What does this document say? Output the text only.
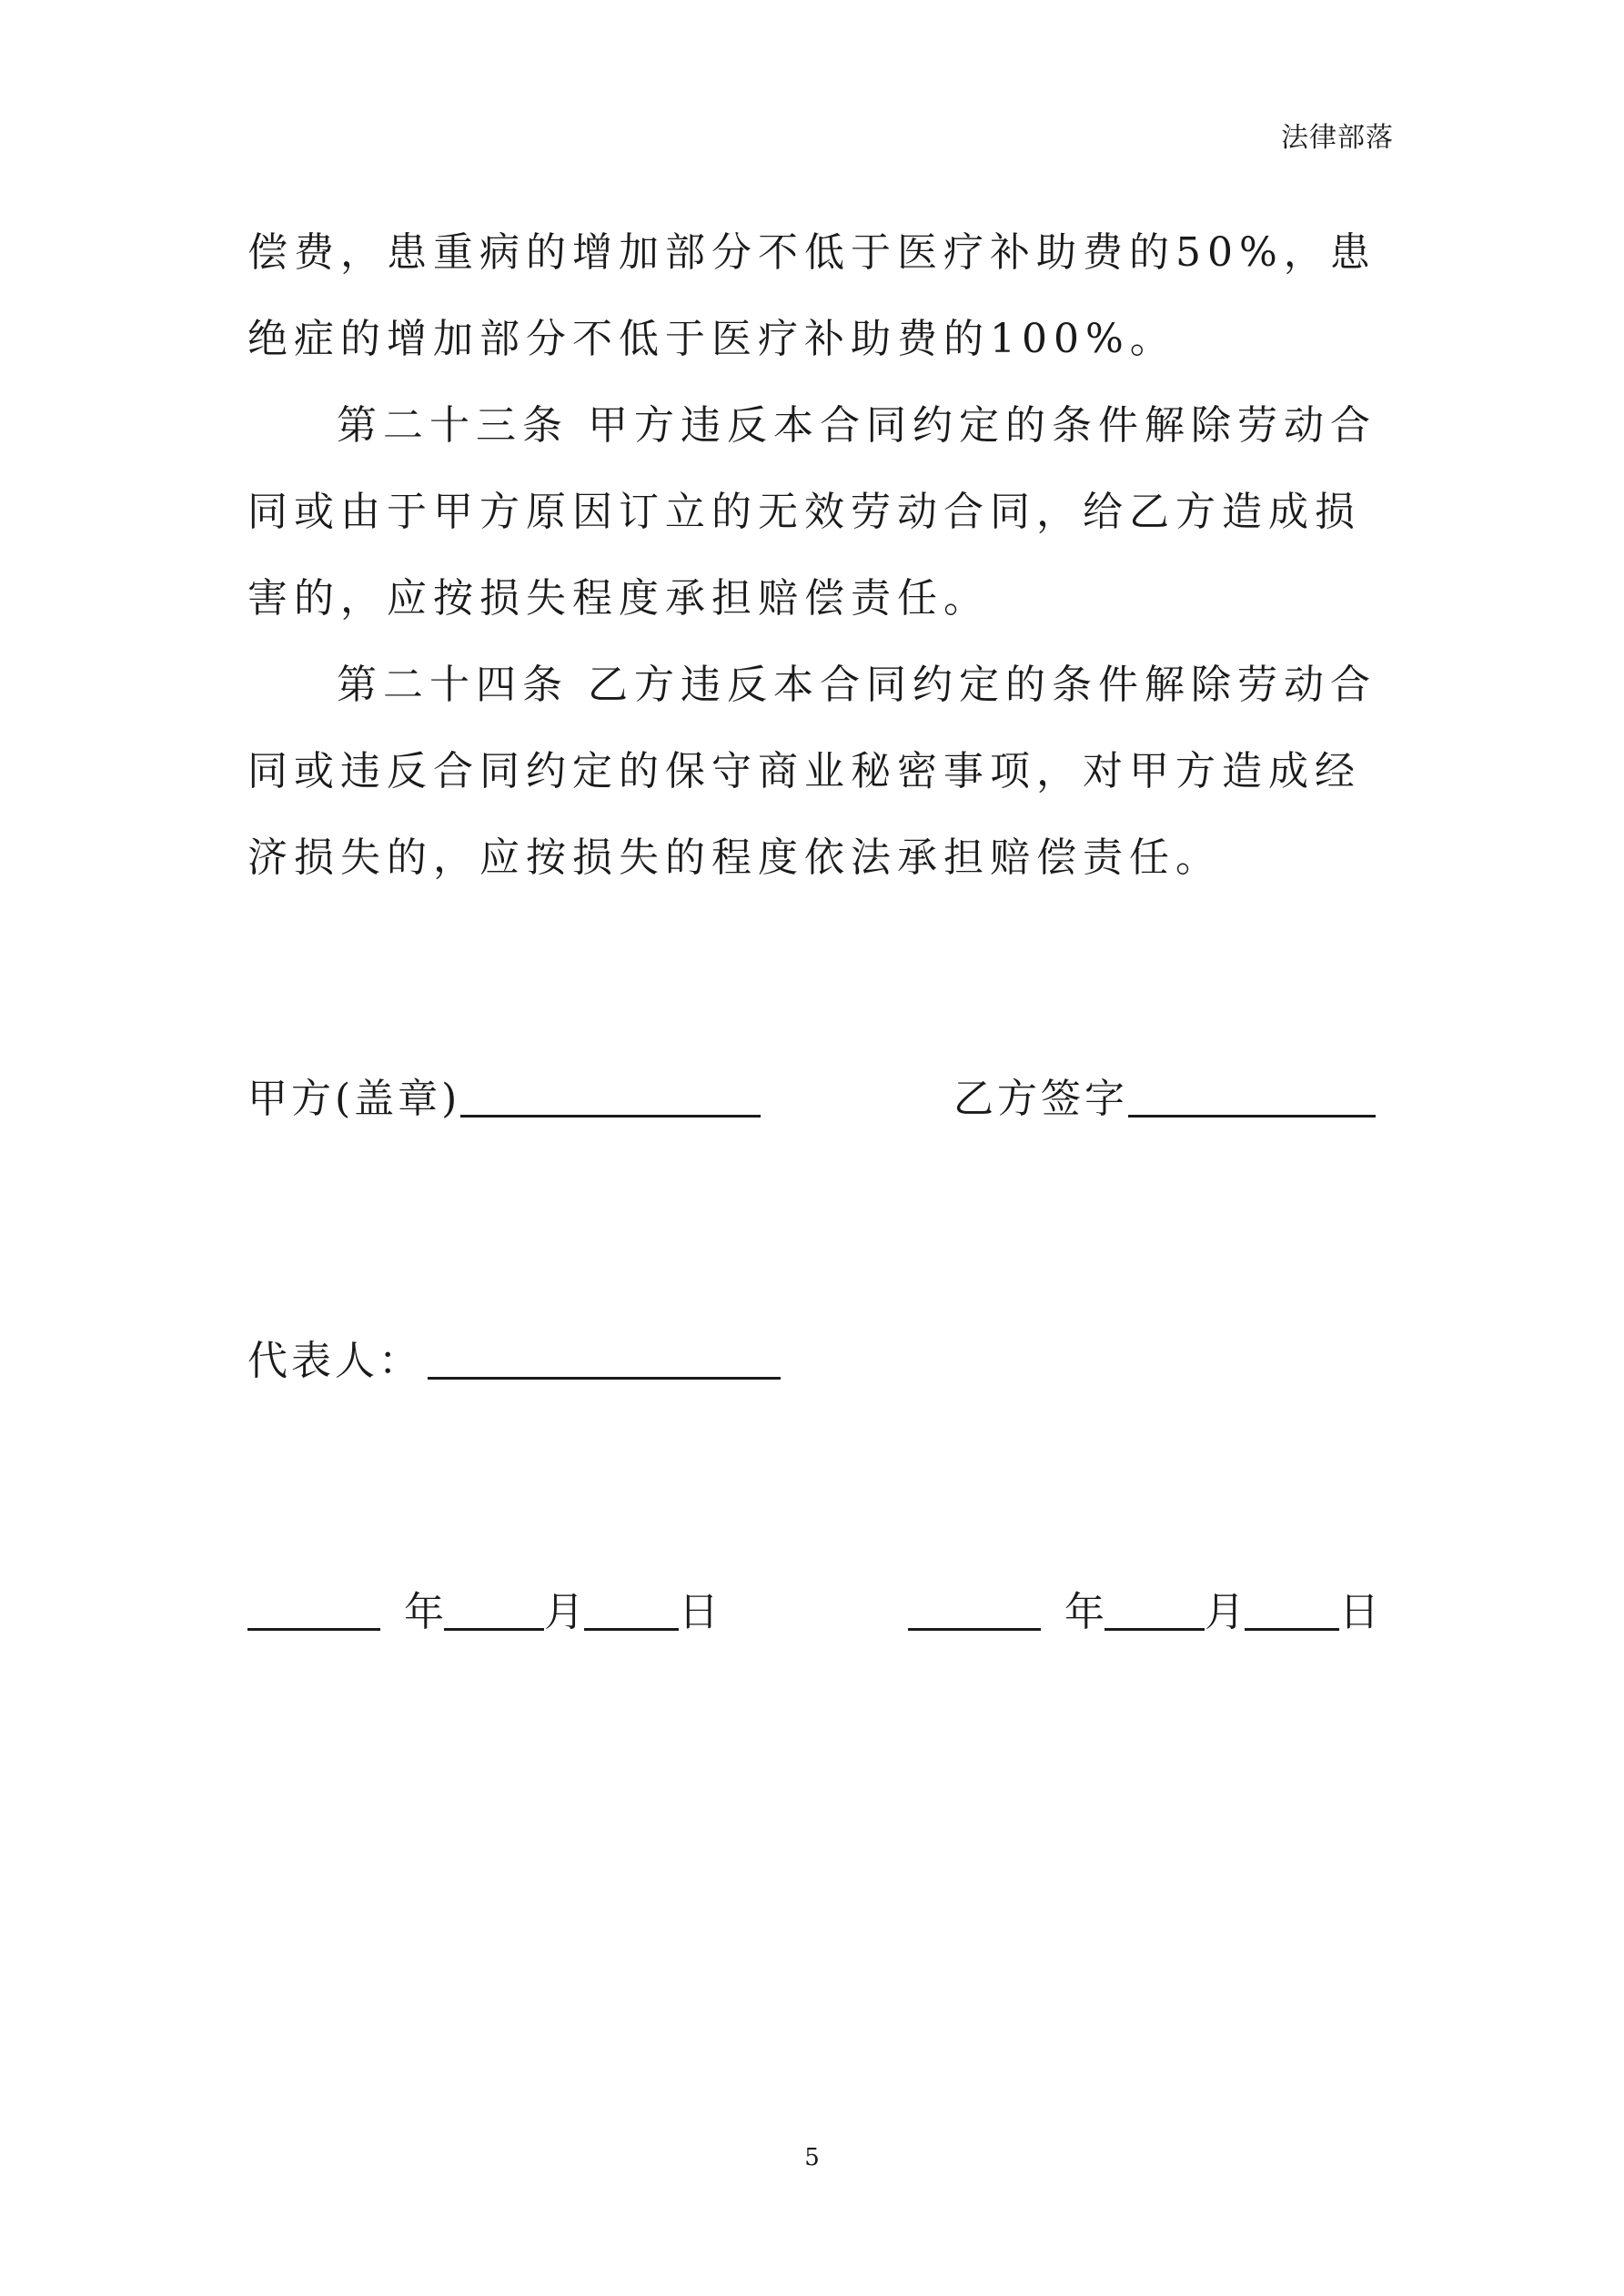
法律部落

偿费，患重病的增加部分不低于医疗补助费的50%，患绝症的增加部分不低于医疗补助费的100%。

第二十三条 甲方违反本合同约定的条件解除劳动合同或由于甲方原因订立的无效劳动合同，给乙方造成损害的，应按损失程度承担赔偿责任。

第二十四条 乙方违反本合同约定的条件解除劳动合同或违反合同约定的保守商业秘密事项，对甲方造成经济损失的，应按损失的程度依法承担赔偿责任。

甲方(盖章)	乙方签字
代表人：
年	月 日	年	月 日
5
